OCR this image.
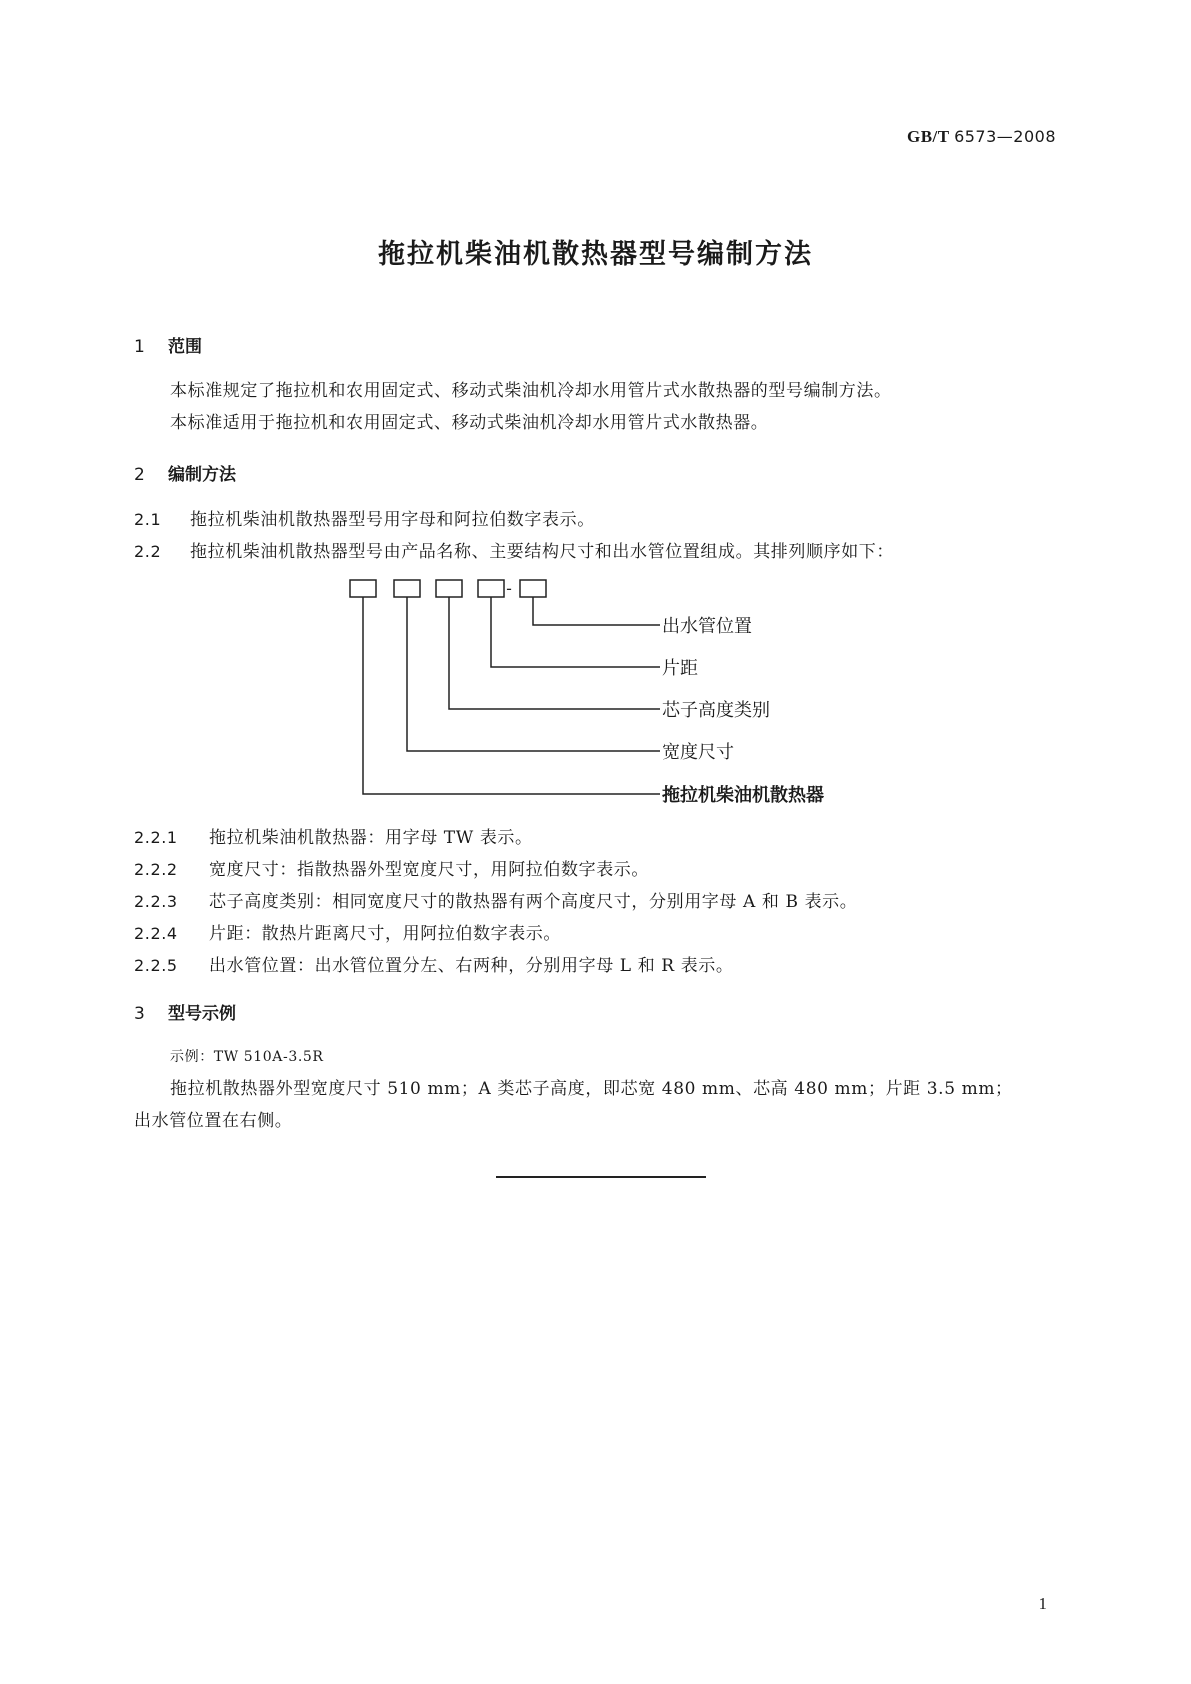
GB/T 6573—2008
拖拉机柴油机散热器型号编制方法
1 范围
本标准规定了拖拉机和农用固定式、移动式柴油机冷却水用管片式水散热器的型号编制方法。
本标准适用于拖拉机和农用固定式、移动式柴油机冷却水用管片式水散热器。
2 编制方法
2.1 拖拉机柴油机散热器型号用字母和阿拉伯数字表示。
2.2 拖拉机柴油机散热器型号由产品名称、主要结构尺寸和出水管位置组成。其排列顺序如下：
-
出水管位置
片距
芯子高度类别
宽度尺寸
拖拉机柴油机散热器
2.2.1 拖拉机柴油机散热器：用字母 TW 表示。
2.2.2 宽度尺寸：指散热器外型宽度尺寸，用阿拉伯数字表示。
2.2.3 芯子高度类别：相同宽度尺寸的散热器有两个高度尺寸，分别用字母 A 和 B 表示。
2.2.4 片距：散热片距离尺寸，用阿拉伯数字表示。
2.2.5 出水管位置：出水管位置分左、右两种，分别用字母 L 和 R 表示。
3 型号示例
示例：TW 510A-3.5R
拖拉机散热器外型宽度尺寸 510 mm；A 类芯子高度，即芯宽 480 mm、芯高 480 mm；片距 3.5 mm；
出水管位置在右侧。
1
